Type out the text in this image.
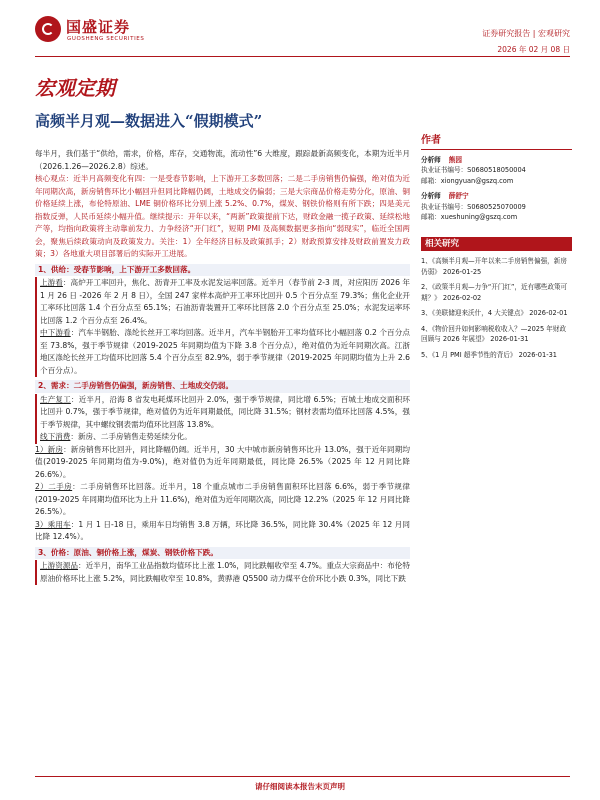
国盛证券
GUOSHENG SECURITIES
证券研究报告 | 宏观研究
2026 年 02 月 08 日
宏观定期
高频半月观—数据进入“假期模式”

每半月，我们基于“供给，需求，价格，库存，交通物流，流动性”6 大维度，跟踪最新高频变化，本期为近半月（2026.1.26—2026.2.8）综述。

核心观点：近半月高频变化有四：一是受春节影响，上下游开工多数回落；二是二手房销售仍偏强，绝对值为近年同期次高，新房销售环比小幅回升但同比降幅仍阔，土地成交仍偏弱；三是大宗商品价格走势分化，原油、铜价格延续上涨，布伦特原油、LME 铜价格环比分别上涨 5.2%、0.7%，煤炭、钢铁价格则有所下跌；四是美元指数反弹，人民币延续小幅升值。继续提示：开年以来，“两新”政策提前下达，财政金融一揽子政策、延续松地产等，均指向政策将主动靠前发力、力争经济“开门红”，短期 PMI 及高频数据更多指向“弱现实”，临近全国两会，聚焦后续政策动向及政策发力。关注：1）全年经济目标及政策抓手；2）财政预算安排及财政前置发力政策；3）各地重大项目部署后的实际开工进展。

1、供给：受春节影响，上下游开工多数回落。

上游看：高炉开工率回升，焦化、沥青开工率及水泥发运率回落。近半月（春节前 2-3 周，对应阳历 2026 年 1 月 26 日 -2026 年 2 月 8 日），全国 247 家样本高炉开工率环比回升 0.5 个百分点至 79.3%；焦化企业开工率环比回落 1.4 个百分点至 65.1%；石油沥青装置开工率环比回落 2.0 个百分点至 25.0%；水泥发运率环比回落 1.2 个百分点至 26.4%。

中下游看：汽车半钢胎、涤纶长丝开工率均回落。近半月，汽车半钢胎开工率均值环比小幅回落 0.2 个百分点至 73.8%，强于季节规律（2019-2025 年同期均值为下降 3.8 个百分点），绝对值仍为近年同期次高。江浙地区涤纶长丝开工均值环比回落 5.4 个百分点至 82.9%，弱于季节规律（2019-2025 年同期均值为上升 2.6 个百分点）。

2、需求：二手房销售仍偏强，新房销售、土地成交仍弱。

生产复工：近半月，沿海 8 省发电耗煤环比回升 2.0%，强于季节规律，同比增 6.5%；百城土地成交面积环比回升 0.7%，强于季节规律，绝对值仍为近年同期最低，同比降 31.5%；钢材表需均值环比回落 4.5%，强于季节规律，其中螺纹钢表需均值环比回落 13.8%。

线下消费：新房、二手房销售走势延续分化。

1）新房：新房销售环比回升，同比降幅仍阔。近半月，30 大中城市新房销售环比升 13.0%，强于近年同期均值(2019-2025 年同期均值为-9.0%)，绝对值仍为近年同期最低，同比降 26.5%（2025 年 12 月同比降 26.6%）。

2）二手房：二手房销售环比回落。近半月，18 个重点城市二手房销售面积环比回落 6.6%，弱于季节规律 (2019-2025 年同期均值环比为上升 11.6%)，绝对值为近年同期次高，同比降 12.2%（2025 年 12 月同比降 26.5%）。

3）乘用车：1 月 1 日-18 日，乘用车日均销售 3.8 万辆，环比降 36.5%，同比降 30.4%（2025 年 12 月同比降 12.4%）。

3、价格：原油、铜价格上涨，煤炭、钢铁价格下跌。

上游资源品：近半月，南华工业品指数均值环比上涨 1.0%，同比跌幅收窄至 4.7%。重点大宗商品中：布伦特原油价格环比上涨 5.2%，同比跌幅收窄至 10.8%，黄骅港 Q5500 动力煤平仓价环比小跌 0.3%，同比下跌

作者
分析师 熊园
执业证书编号：S0680518050004
邮箱：xiongyuan@gszq.com
分析师 薛舒宁
执业证书编号：S0680525070009
邮箱：xueshuning@gszq.com
相关研究
1、《高频半月观—开年以来二手房销售偏强，新房仍弱》 2026-01-25
2、《政策半月观—力争“开门红”，近有哪些政策可期？》 2026-02-02
3、《美联储迎来沃什，4 大关键点》 2026-02-01
4、《物价回升如何影响税收收入？—2025 年财政回顾与 2026 年展望》 2026-01-31
5、《1 月 PMI 超季节性的背后》 2026-01-31
请仔细阅读本报告末页声明
